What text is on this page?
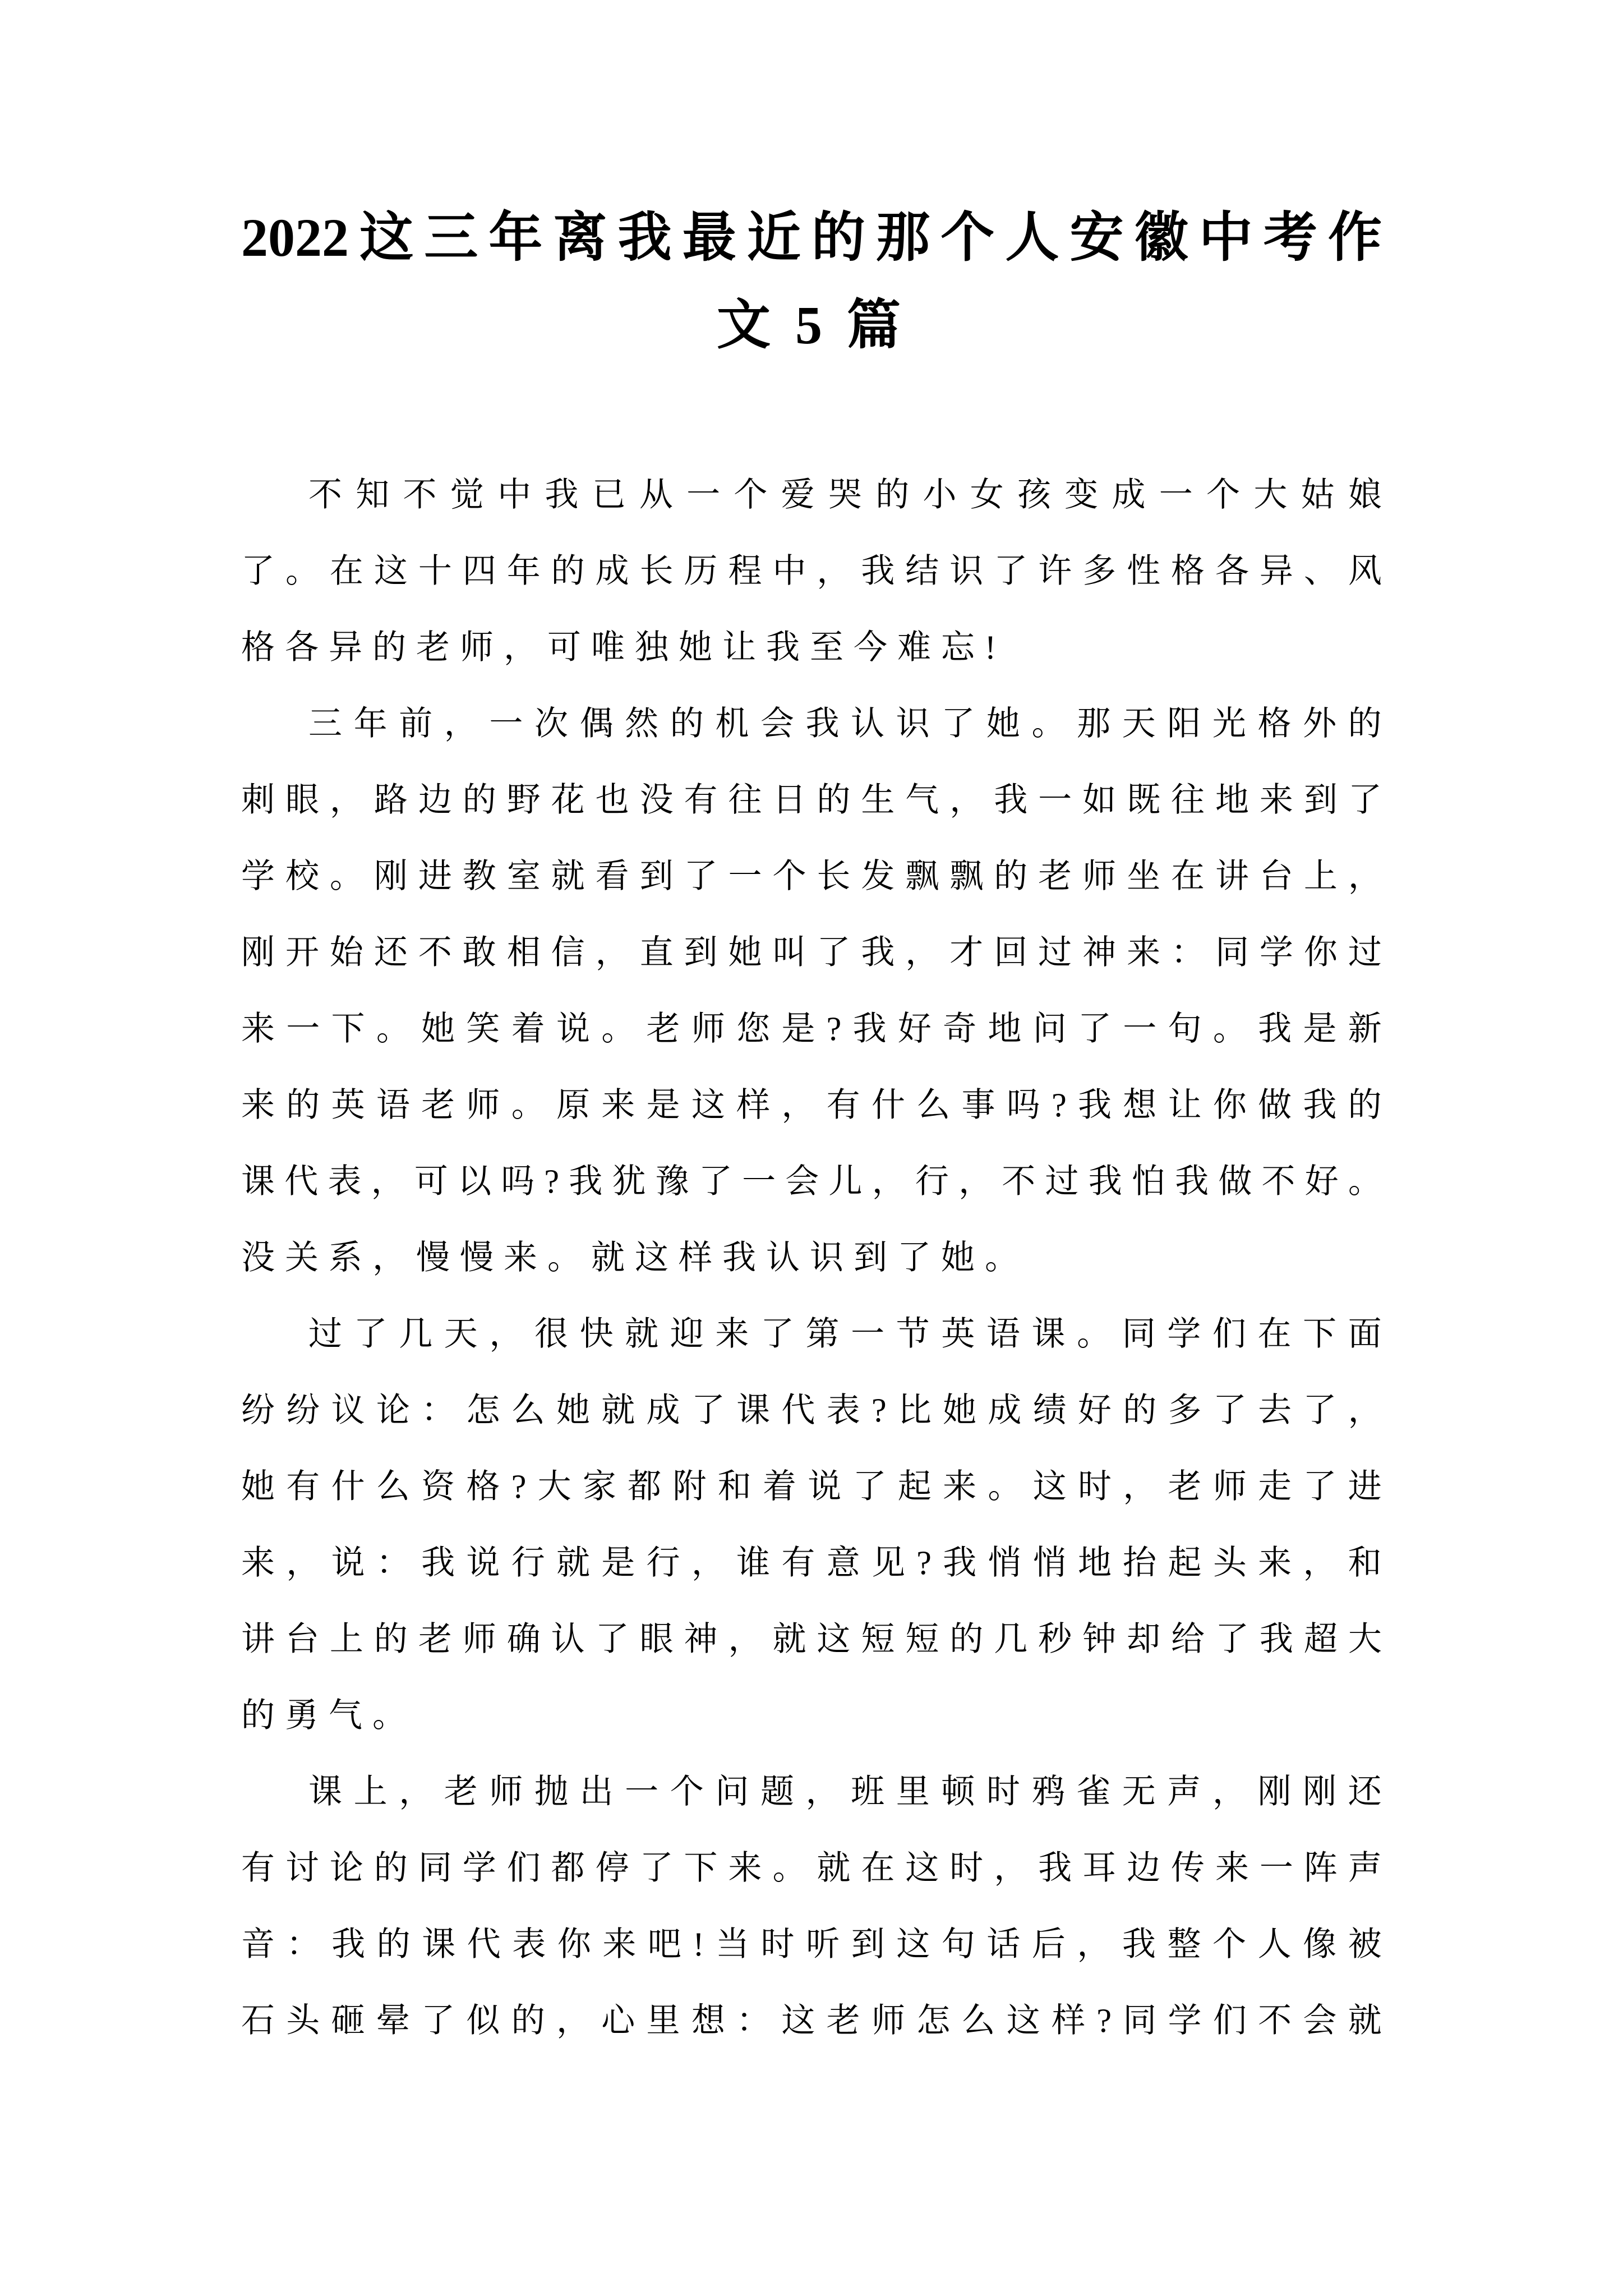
2022 这 三 年 离 我 最 近 的 那 个 人 安 徽 中 考 作
文 5 篇
不 知 不 觉 中 我 已 从 一 个 爱 哭 的 小 女 孩 变 成 一 个 大 姑 娘
了 。 在 这 十 四 年 的 成 长 历 程 中 ， 我 结 识 了 许 多 性 格 各 异 、 风
格各异的老师，可唯独她让我至今难忘!
三 年 前 ， 一 次 偶 然 的 机 会 我 认 识 了 她 。 那 天 阳 光 格 外 的
刺 眼 ， 路 边 的 野 花 也 没 有 往 日 的 生 气 ， 我 一 如 既 往 地 来 到 了
学 校 。 刚 进 教 室 就 看 到 了 一 个 长 发 飘 飘 的 老 师 坐 在 讲 台 上 ，
刚 开 始 还 不 敢 相 信 ， 直 到 她 叫 了 我 ， 才 回 过 神 来 ： 同 学 你 过
来 一 下 。 她 笑 着 说 。 老 师 您 是 ? 我 好 奇 地 问 了 一 句 。 我 是 新
来 的 英 语 老 师 。 原 来 是 这 样 ， 有 什 么 事 吗 ? 我 想 让 你 做 我 的
课 代 表 ， 可 以 吗 ? 我 犹 豫 了 一 会 儿 ， 行 ， 不 过 我 怕 我 做 不 好 。
没关系，慢慢来。就这样我认识到了她。
过 了 几 天 ， 很 快 就 迎 来 了 第 一 节 英 语 课 。 同 学 们 在 下 面
纷 纷 议 论 ： 怎 么 她 就 成 了 课 代 表 ? 比 她 成 绩 好 的 多 了 去 了 ，
她 有 什 么 资 格 ? 大 家 都 附 和 着 说 了 起 来 。 这 时 ， 老 师 走 了 进
来 ， 说 ： 我 说 行 就 是 行 ， 谁 有 意 见 ? 我 悄 悄 地 抬 起 头 来 ， 和
讲 台 上 的 老 师 确 认 了 眼 神 ， 就 这 短 短 的 几 秒 钟 却 给 了 我 超 大
的勇气。
课 上 ， 老 师 抛 出 一 个 问 题 ， 班 里 顿 时 鸦 雀 无 声 ， 刚 刚 还
有 讨 论 的 同 学 们 都 停 了 下 来 。 就 在 这 时 ， 我 耳 边 传 来 一 阵 声
音 ： 我 的 课 代 表 你 来 吧 ! 当 时 听 到 这 句 话 后 ， 我 整 个 人 像 被
石 头 砸 晕 了 似 的 ， 心 里 想 ： 这 老 师 怎 么 这 样 ? 同 学 们 不 会 就
